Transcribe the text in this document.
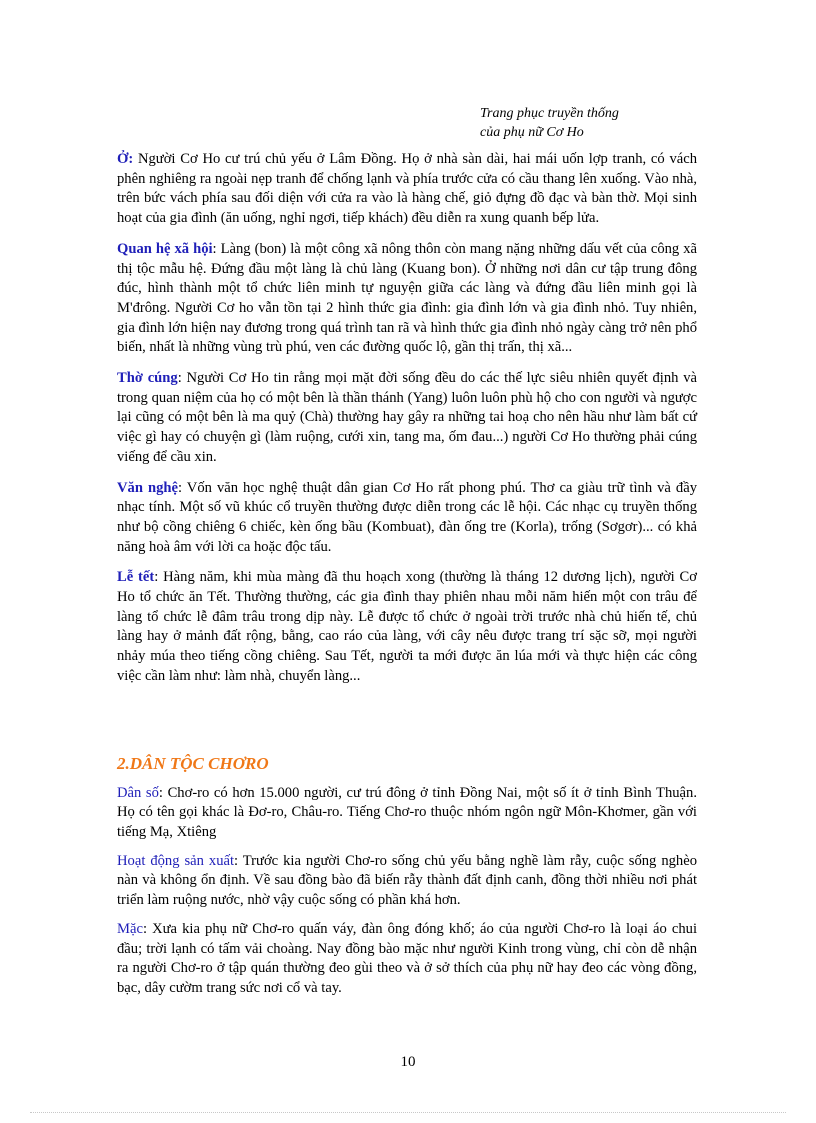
Trang phục truyền thống
của phụ nữ Cơ Ho

Ở: Người Cơ Ho cư trú chủ yếu ở Lâm Đồng. Họ ở nhà sàn dài, hai mái uốn lợp tranh, có vách phên nghiêng ra ngoài nẹp tranh để chống lạnh và phía trước cửa có cầu thang lên xuống. Vào nhà, trên bức vách phía sau đối diện với cửa ra vào là hàng chế, giỏ đựng đồ đạc và bàn thờ. Mọi sinh hoạt của gia đình (ăn uống, nghỉ ngơi, tiếp khách) đều diễn ra xung quanh bếp lửa.

Quan hệ xã hội: Làng (bon) là một công xã nông thôn còn mang nặng những dấu vết của công xã thị tộc mẫu hệ. Đứng đầu một làng là chủ làng (Kuang bon). Ở những nơi dân cư tập trung đông đúc, hình thành một tổ chức liên minh tự nguyện giữa các làng và đứng đầu liên minh gọi là M'đrông. Người Cơ ho vẫn tồn tại 2 hình thức gia đình: gia đình lớn và gia đình nhỏ. Tuy nhiên, gia đình lớn hiện nay đương trong quá trình tan rã và hình thức gia đình nhỏ ngày càng trở nên phổ biến, nhất là những vùng trù phú, ven các đường quốc lộ, gần thị trấn, thị xã...

Thờ cúng: Người Cơ Ho tin rằng mọi mặt đời sống đều do các thế lực siêu nhiên quyết định và trong quan niệm của họ có một bên là thần thánh (Yang) luôn luôn phù hộ cho con người và ngược lại cũng có một bên là ma quỷ (Chà) thường hay gây ra những tai hoạ cho nên hầu như làm bất cứ việc gì hay có chuyện gì (làm ruộng, cưới xin, tang ma, ốm đau...) người Cơ Ho thường phải cúng viếng để cầu xin.

Văn nghệ: Vốn văn học nghệ thuật dân gian Cơ Ho rất phong phú. Thơ ca giàu trữ tình và đầy nhạc tính. Một số vũ khúc cổ truyền thường được diễn trong các lễ hội. Các nhạc cụ truyền thống như bộ cồng chiêng 6 chiếc, kèn ống bầu (Kombuat), đàn ống tre (Korla), trống (Sơgơr)... có khả năng hoà âm với lời ca hoặc độc tấu.

Lễ tết: Hàng năm, khi mùa màng đã thu hoạch xong (thường là tháng 12 dương lịch), người Cơ Ho tổ chức ăn Tết. Thường thường, các gia đình thay phiên nhau mỗi năm hiến một con trâu để làng tổ chức lễ đâm trâu trong dịp này. Lễ được tổ chức ở ngoài trời trước nhà chủ hiến tế, chủ làng hay ở mảnh đất rộng, bằng, cao ráo của làng, với cây nêu được trang trí sặc sỡ, mọi người nhảy múa theo tiếng cồng chiêng. Sau Tết, người ta mới được ăn lúa mới và thực hiện các công việc cần làm như: làm nhà, chuyển làng...

2.DÂN TỘC CHƠRO

Dân số: Chơ-ro có hơn 15.000 người, cư trú đông ở tỉnh Đồng Nai, một số ít ở tỉnh Bình Thuận. Họ có tên gọi khác là Đơ-ro, Châu-ro. Tiếng Chơ-ro thuộc nhóm ngôn ngữ Môn-Khơmer, gần với tiếng Mạ, Xtiêng

Hoạt động sản xuất: Trước kia người Chơ-ro sống chủ yếu bằng nghề làm rẫy, cuộc sống nghèo nàn và không ổn định. Về sau đồng bào đã biến rẫy thành đất định canh, đồng thời nhiều nơi phát triển làm ruộng nước, nhờ vậy cuộc sống có phần khá hơn.

Mặc: Xưa kia phụ nữ Chơ-ro quấn váy, đàn ông đóng khố; áo của người Chơ-ro là loại áo chui đầu; trời lạnh có tấm vải choàng. Nay đồng bào mặc như người Kinh trong vùng, chỉ còn dễ nhận ra người Chơ-ro ở tập quán thường đeo gùi theo và ở sở thích của phụ nữ hay đeo các vòng đồng, bạc, dây cườm trang sức nơi cổ và tay.

10
